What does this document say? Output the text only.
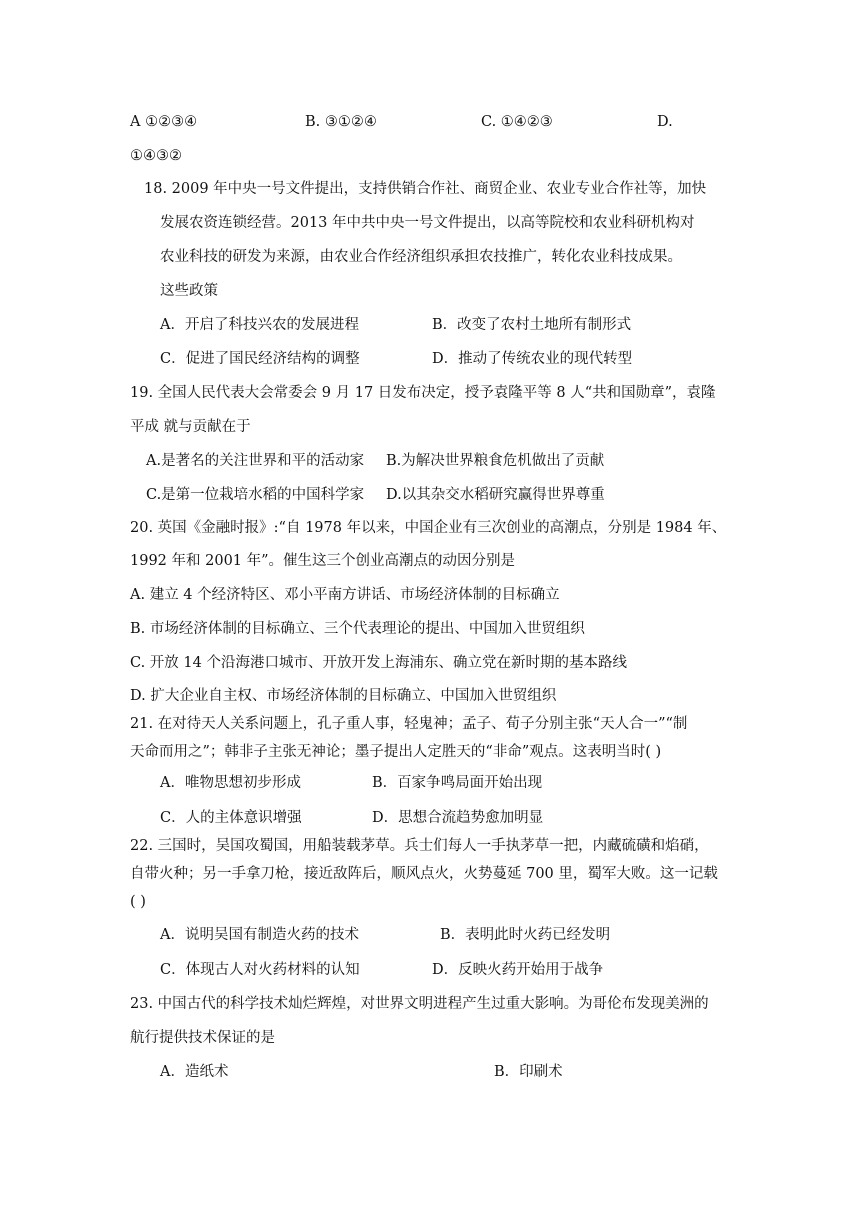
A ①②③④	B. ③①②④	C. ①④②③	D.
①④③②
18. 2009 年中央一号文件提出，支持供销合作社、商贸企业、农业专业合作社等，加快
发展农资连锁经营。2013 年中共中央一号文件提出，以高等院校和农业科研机构对
农业科技的研发为来源，由农业合作经济组织承担农技推广，转化农业科技成果。
这些政策
A．开启了科技兴农的发展进程	B．改变了农村土地所有制形式
C．促进了国民经济结构的调整	D．推动了传统农业的现代转型
19. 全国人民代表大会常委会 9 月 17 日发布决定，授予袁隆平等 8 人“共和国勋章”，袁隆
平成 就与贡献在于
A.是著名的关注世界和平的活动家 B.为解决世界粮食危机做出了贡献
C.是第一位栽培水稻的中国科学家 D.以其杂交水稻研究赢得世界尊重
20. 英国《金融时报》:“自 1978 年以来，中国企业有三次创业的高潮点，分别是 1984 年、
1992 年和 2001 年”。催生这三个创业高潮点的动因分别是
A. 建立 4 个经济特区、邓小平南方讲话、市场经济体制的目标确立
B. 市场经济体制的目标确立、三个代表理论的提出、中国加入世贸组织
C. 开放 14 个沿海港口城市、开放开发上海浦东、确立党在新时期的基本路线
D. 扩大企业自主权、市场经济体制的目标确立、中国加入世贸组织
21. 在对待天人关系问题上，孔子重人事，轻鬼神；孟子、荀子分别主张“天人合一”“制
天命而用之”；韩非子主张无神论；墨子提出人定胜天的“非命”观点。这表明当时( )
A．唯物思想初步形成	B．百家争鸣局面开始出现
C．人的主体意识增强	D．思想合流趋势愈加明显
22. 三国时，吴国攻蜀国，用船装载茅草。兵士们每人一手执茅草一把，内藏硫磺和焰硝，
自带火种；另一手拿刀枪，接近敌阵后，顺风点火，火势蔓延 700 里，蜀军大败。这一记载
( )
A．说明吴国有制造火药的技术	B．表明此时火药已经发明
C．体现古人对火药材料的认知	D．反映火药开始用于战争
23. 中国古代的科学技术灿烂辉煌，对世界文明进程产生过重大影响。为哥伦布发现美洲的
航行提供技术保证的是
A．造纸术	B．印刷术
